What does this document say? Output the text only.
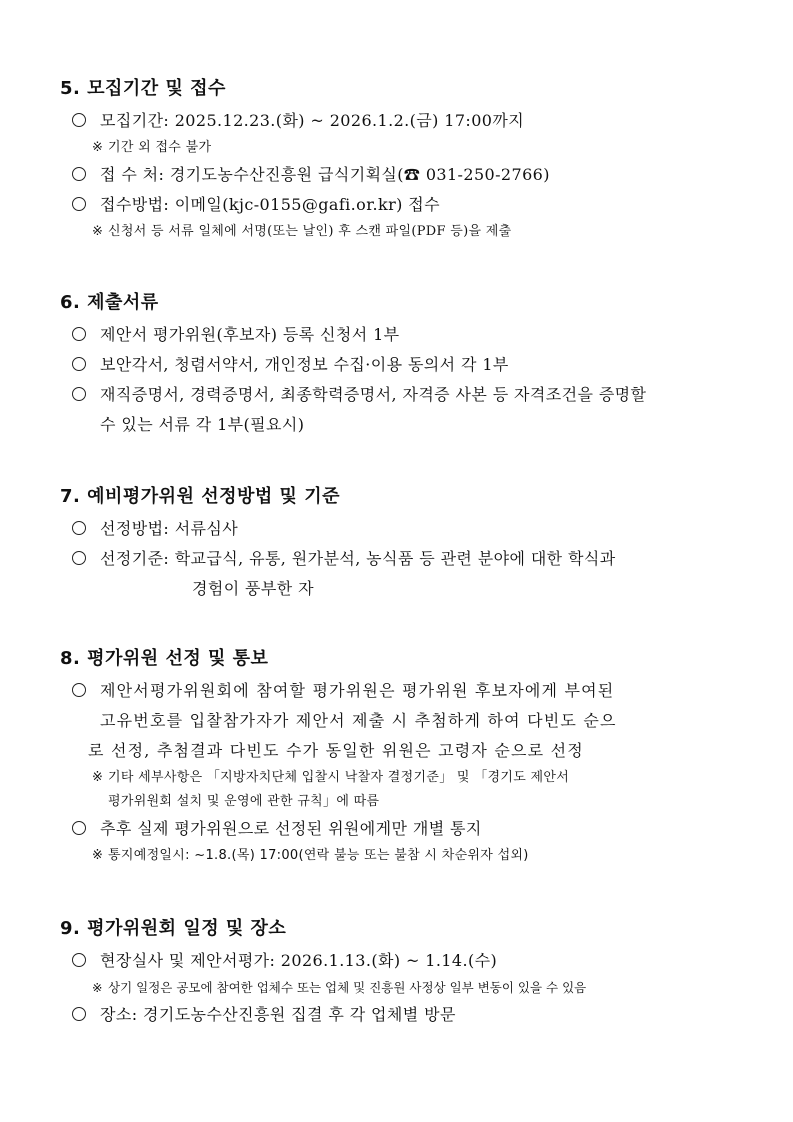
5. 모집기간 및 접수
모집기간: 2025.12.23.(화) ~ 2026.1.2.(금) 17:00까지
※ 기간 외 접수 불가
접 수 처: 경기도농수산진흥원 급식기획실(☎ 031-250-2766)
접수방법: 이메일(kjc-0155@gafi.or.kr) 접수
※ 신청서 등 서류 일체에 서명(또는 날인) 후 스캔 파일(PDF 등)을 제출
6. 제출서류
제안서 평가위원(후보자) 등록 신청서 1부
보안각서, 청렴서약서, 개인정보 수집·이용 동의서 각 1부
재직증명서, 경력증명서, 최종학력증명서, 자격증 사본 등 자격조건을 증명할
수 있는 서류 각 1부(필요시)
7. 예비평가위원 선정방법 및 기준
선정방법: 서류심사
선정기준: 학교급식, 유통, 원가분석, 농식품 등 관련 분야에 대한 학식과
경험이 풍부한 자
8. 평가위원 선정 및 통보
제안서평가위원회에 참여할 평가위원은 평가위원 후보자에게 부여된
고유번호를 입찰참가자가 제안서 제출 시 추첨하게 하여 다빈도 순으
로 선정, 추첨결과 다빈도 수가 동일한 위원은 고령자 순으로 선정
※ 기타 세부사항은 「지방자치단체 입찰시 낙찰자 결정기준」 및 「경기도 제안서
평가위원회 설치 및 운영에 관한 규칙」에 따름
추후 실제 평가위원으로 선정된 위원에게만 개별 통지
※ 통지예정일시: ~1.8.(목) 17:00(연락 불능 또는 불참 시 차순위자 섭외)
9. 평가위원회 일정 및 장소
현장실사 및 제안서평가: 2026.1.13.(화) ~ 1.14.(수)
※ 상기 일정은 공모에 참여한 업체수 또는 업체 및 진흥원 사정상 일부 변동이 있을 수 있음
장소: 경기도농수산진흥원 집결 후 각 업체별 방문
